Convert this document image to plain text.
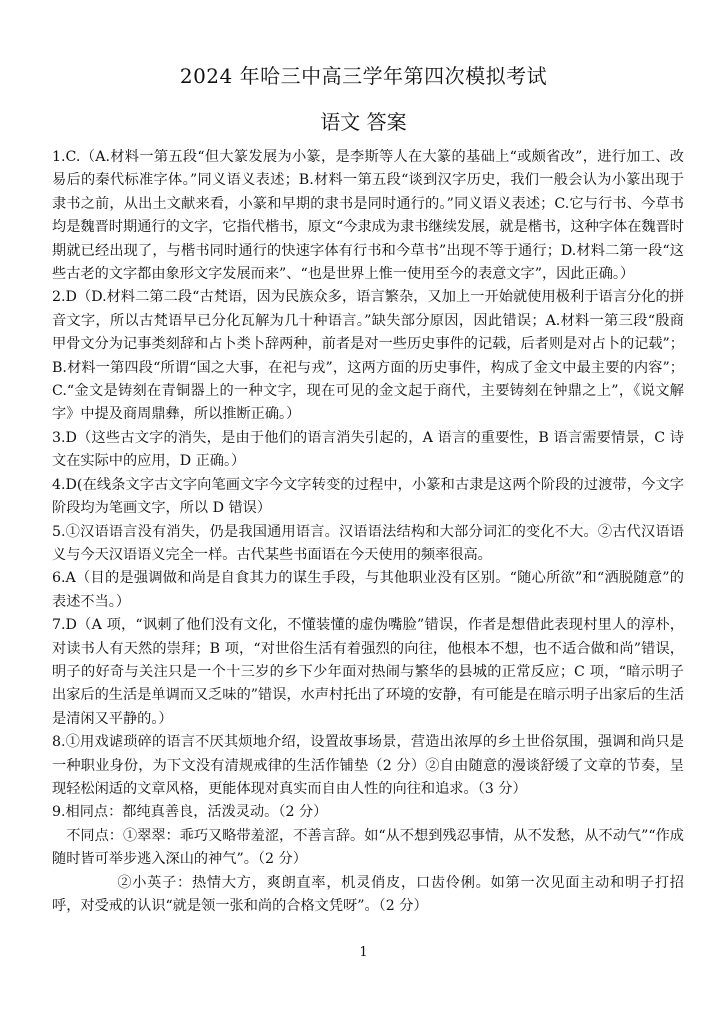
2024 年哈三中高三学年第四次模拟考试
语文 答案

1.C.（A.材料一第五段“但大篆发展为小篆，是李斯等人在大篆的基础上“或颇省改”，进行加工、改易后的秦代标准字体。”同义语义表述；B.材料一第五段“谈到汉字历史，我们一般会认为小篆出现于隶书之前，从出土文献来看，小篆和早期的隶书是同时通行的。”同义语义表述；C.它与行书、今草书均是魏晋时期通行的文字，它指代楷书，原文“今隶成为隶书继续发展，就是楷书，这种字体在魏晋时期就已经出现了，与楷书同时通行的快速字体有行书和今草书”出现不等于通行；D.材料二第一段“这些古老的文字都由象形文字发展而来”、“也是世界上惟一使用至今的表意文字”，因此正确。）

2.D（D.材料二第二段“古梵语，因为民族众多，语言繁杂，又加上一开始就使用极利于语言分化的拼音文字，所以古梵语早已分化瓦解为几十种语言。”缺失部分原因，因此错误；A.材料一第三段“殷商甲骨文分为记事类刻辞和占卜类卜辞两种，前者是对一些历史事件的记载，后者则是对占卜的记载”；B.材料一第四段“所谓“国之大事，在祀与戎”，这两方面的历史事件，构成了金文中最主要的内容”；C.“金文是铸刻在青铜器上的一种文字，现在可见的金文起于商代，主要铸刻在钟鼎之上”，《说文解字》中提及商周鼎彝，所以推断正确。）

3.D（这些古文字的消失，是由于他们的语言消失引起的，A 语言的重要性，B 语言需要情景，C 诗文在实际中的应用，D 正确。）

4.D(在线条文字古文字向笔画文字今文字转变的过程中，小篆和古隶是这两个阶段的过渡带，今文字阶段均为笔画文字，所以 D 错误）

5.①汉语语言没有消失，仍是我国通用语言。汉语语法结构和大部分词汇的变化不大。②古代汉语语义与今天汉语语义完全一样。古代某些书面语在今天使用的频率很高。

6.A（目的是强调做和尚是自食其力的谋生手段，与其他职业没有区别。“随心所欲”和“洒脱随意”的表述不当。）

7.D（A 项，“讽刺了他们没有文化，不懂装懂的虚伪嘴脸”错误，作者是想借此表现村里人的淳朴，对读书人有天然的崇拜；B 项，“对世俗生活有着强烈的向往，他根本不想，也不适合做和尚”错误，明子的好奇与关注只是一个十三岁的乡下少年面对热闹与繁华的县城的正常反应；C 项，“暗示明子出家后的生活是单调而又乏味的”错误，水声村托出了环境的安静，有可能是在暗示明子出家后的生活是清闲又平静的。）

8.①用戏谑琐碎的语言不厌其烦地介绍，设置故事场景，营造出浓厚的乡土世俗氛围，强调和尚只是一种职业身份，为下文没有清规戒律的生活作铺垫（2 分）②自由随意的漫谈舒缓了文章的节奏，呈现轻松闲适的文章风格，更能体现对真实而自由人性的向往和追求。（3 分）

9.相同点：都纯真善良，活泼灵动。（2 分）

不同点：①翠翠：乖巧又略带羞涩，不善言辞。如“从不想到残忍事情，从不发愁，从不动气”“作成随时皆可举步逃入深山的神气”。（2 分）

②小英子：热情大方，爽朗直率，机灵俏皮，口齿伶俐。如第一次见面主动和明子打招呼，对受戒的认识“就是领一张和尚的合格文凭呀”。（2 分）

1
